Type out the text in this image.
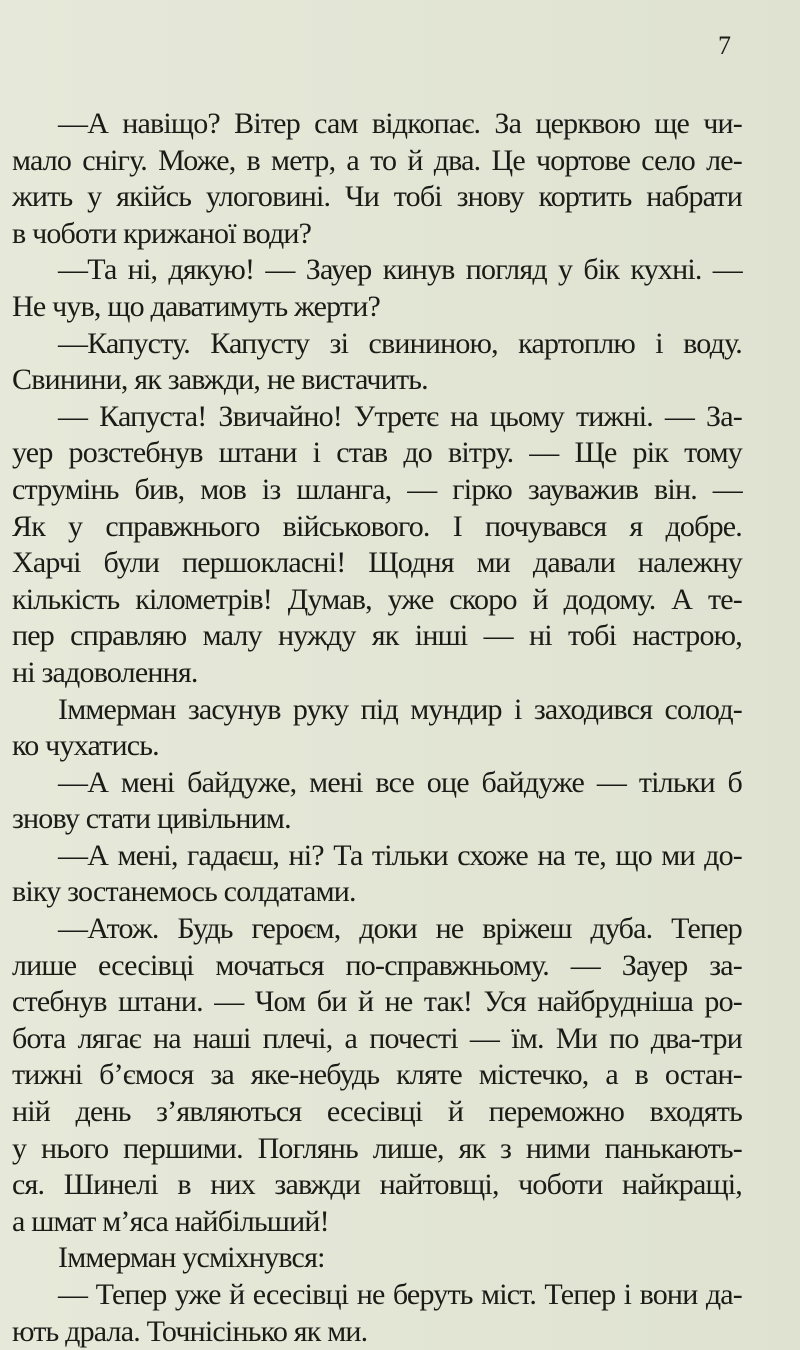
7
—А навіщо? Вітер сам відкопає. За церквою ще чи-
мало снігу. Може, в метр, а то й два. Це чортове село ле-
жить у якійсь улоговині. Чи тобі знову кортить набрати
в чоботи крижаної води?
—Та ні, дякую! — Зауер кинув погляд у бік кухні. —
Не чув, що даватимуть жерти?
—Капусту. Капусту зі свининою, картоплю і воду.
Свинини, як завжди, не вистачить.
— Капуста! Звичайно! Утретє на цьому тижні. — За-
уер розстебнув штани і став до вітру. — Ще рік тому
струмінь бив, мов із шланга, — гірко зауважив він. —
Як у справжнього військового. І почувався я добре.
Харчі були першокласні! Щодня ми давали належну
кількість кілометрів! Думав, уже скоро й додому. А те-
пер справляю малу нужду як інші — ні тобі настрою,
ні задоволення.
Іммерман засунув руку під мундир і заходився солод-
ко чухатись.
—А мені байдуже, мені все оце байдуже — тільки б
знову стати цивільним.
—А мені, гадаєш, ні? Та тільки схоже на те, що ми до-
віку зостанемось солдатами.
—Атож. Будь героєм, доки не вріжеш дуба. Тепер
лише есесівці мочаться по-справжньому. — Зауер за-
стебнув штани. — Чом би й не так! Уся найбрудніша ро-
бота лягає на наші плечі, а почесті — їм. Ми по два-три
тижні б’ємося за яке-небудь кляте містечко, а в остан-
ній день з’являються есесівці й переможно входять
у нього першими. Поглянь лише, як з ними панькають-
ся. Шинелі в них завжди найтовщі, чоботи найкращі,
а шмат м’яса найбільший!
Іммерман усміхнувся:
— Тепер уже й есесівці не беруть міст. Тепер і вони да-
ють драла. Точнісінько як ми.
